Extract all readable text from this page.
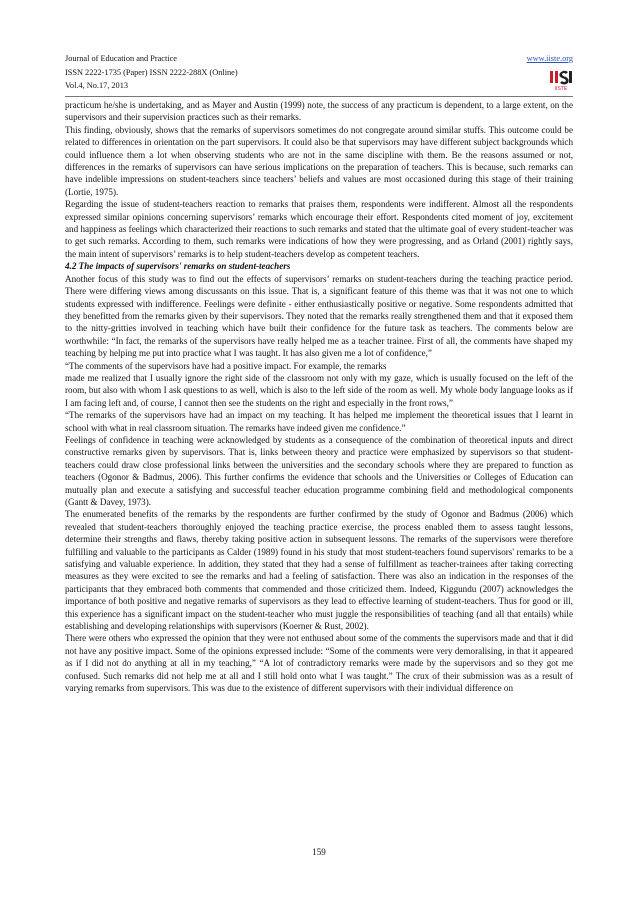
Journal of Education and Practice
ISSN 2222-1735 (Paper) ISSN 2222-288X (Online)
Vol.4, No.17, 2013
www.iiste.org
IISTE

practicum he/she is undertaking, and as Mayer and Austin (1999) note, the success of any practicum is dependent, to a large extent, on the supervisors and their supervision practices such as their remarks.

This finding, obviously, shows that the remarks of supervisors sometimes do not congregate around similar stuffs. This outcome could be related to differences in orientation on the part supervisors. It could also be that supervisors may have different subject backgrounds which could influence them a lot when observing students who are not in the same discipline with them. Be the reasons assumed or not, differences in the remarks of supervisors can have serious implications on the preparation of teachers. This is because, such remarks can have indelible impressions on student-teachers since teachers’ beliefs and values are most occasioned during this stage of their training (Lortie, 1975).

Regarding the issue of student-teachers reaction to remarks that praises them, respondents were indifferent. Almost all the respondents expressed similar opinions concerning supervisors’ remarks which encourage their effort. Respondents cited moment of joy, excitement and happiness as feelings which characterized their reactions to such remarks and stated that the ultimate goal of every student-teacher was to get such remarks. According to them, such remarks were indications of how they were progressing, and as Orland (2001) rightly says, the main intent of supervisors’ remarks is to help student-teachers develop as competent teachers.

4.2 The impacts of supervisors' remarks on student-teachers

Another focus of this study was to find out the effects of supervisors’ remarks on student-teachers during the teaching practice period. There were differing views among discussants on this issue. That is, a significant feature of this theme was that it was not one to which students expressed with indifference. Feelings were definite - either enthusiastically positive or negative. Some respondents admitted that they benefitted from the remarks given by their supervisors. They noted that the remarks really strengthened them and that it exposed them to the nitty-gritties involved in teaching which have built their confidence for the future task as teachers. The comments below are worthwhile: “In fact, the remarks of the supervisors have really helped me as a teacher trainee. First of all, the comments have shaped my teaching by helping me put into practice what I was taught. It has also given me a lot of confidence,”

“The comments of the supervisors have had a positive impact. For example, the remarks

made me realized that I usually ignore the right side of the classroom not only with my gaze, which is usually focused on the left of the room, but also with whom I ask questions to as well, which is also to the left side of the room as well. My whole body language looks as if I am facing left and, of course, I cannot then see the students on the right and especially in the front rows,”

“The remarks of the supervisors have had an impact on my teaching. It has helped me implement the theoretical issues that I learnt in school with what in real classroom situation. The remarks have indeed given me confidence.”

Feelings of confidence in teaching were acknowledged by students as a consequence of the combination of theoretical inputs and direct constructive remarks given by supervisors. That is, links between theory and practice were emphasized by supervisors so that student-teachers could draw close professional links between the universities and the secondary schools where they are prepared to function as teachers (Ogonor & Badmus, 2006). This further confirms the evidence that schools and the Universities or Colleges of Education can mutually plan and execute a satisfying and successful teacher education programme combining field and methodological components (Gantt & Davey, 1973).

The enumerated benefits of the remarks by the respondents are further confirmed by the study of Ogonor and Badmus (2006) which revealed that student-teachers thoroughly enjoyed the teaching practice exercise, the process enabled them to assess taught lessons, determine their strengths and flaws, thereby taking positive action in subsequent lessons. The remarks of the supervisors were therefore fulfilling and valuable to the participants as Calder (1989) found in his study that most student-teachers found supervisors' remarks to be a satisfying and valuable experience. In addition, they stated that they had a sense of fulfillment as teacher-trainees after taking correcting measures as they were excited to see the remarks and had a feeling of satisfaction. There was also an indication in the responses of the participants that they embraced both comments that commended and those criticized them. Indeed, Kiggundu (2007) acknowledges the importance of both positive and negative remarks of supervisors as they lead to effective learning of student-teachers. Thus for good or ill, this experience has a significant impact on the student-teacher who must juggle the responsibilities of teaching (and all that entails) while establishing and developing relationships with supervisors (Koerner & Rust, 2002).

There were others who expressed the opinion that they were not enthused about some of the comments the supervisors made and that it did not have any positive impact. Some of the opinions expressed include: “Some of the comments were very demoralising, in that it appeared as if I did not do anything at all in my teaching,” “A lot of contradictory remarks were made by the supervisors and so they got me confused. Such remarks did not help me at all and I still hold onto what I was taught.” The crux of their submission was as a result of varying remarks from supervisors. This was due to the existence of different supervisors with their individual difference on

159
